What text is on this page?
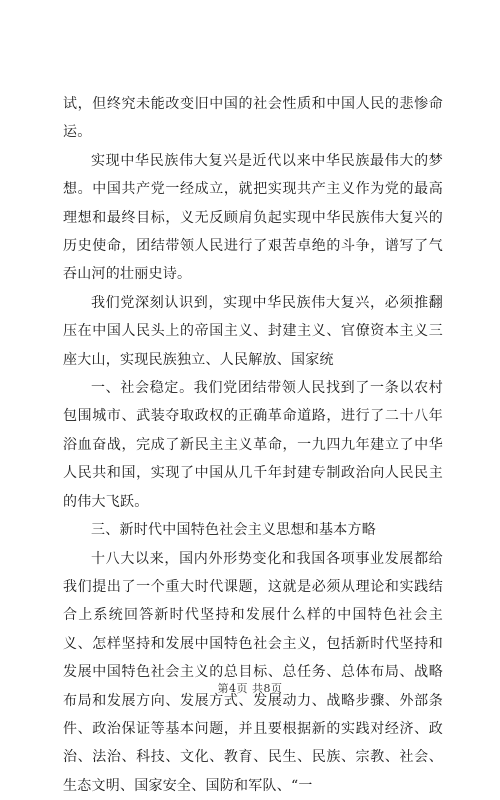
试，但终究未能改变旧中国的社会性质和中国人民的悲惨命运。

实现中华民族伟大复兴是近代以来中华民族最伟大的梦想。中国共产党一经成立，就把实现共产主义作为党的最高理想和最终目标，义无反顾肩负起实现中华民族伟大复兴的历史使命，团结带领人民进行了艰苦卓绝的斗争，谱写了气吞山河的壮丽史诗。

我们党深刻认识到，实现中华民族伟大复兴，必须推翻压在中国人民头上的帝国主义、封建主义、官僚资本主义三座大山，实现民族独立、人民解放、国家统

一、社会稳定。我们党团结带领人民找到了一条以农村包围城市、武装夺取政权的正确革命道路，进行了二十八年浴血奋战，完成了新民主主义革命，一九四九年建立了中华人民共和国，实现了中国从几千年封建专制政治向人民民主的伟大飞跃。

三、新时代中国特色社会主义思想和基本方略

十八大以来，国内外形势变化和我国各项事业发展都给我们提出了一个重大时代课题，这就是必须从理论和实践结合上系统回答新时代坚持和发展什么样的中国特色社会主义、怎样坚持和发展中国特色社会主义，包括新时代坚持和发展中国特色社会主义的总目标、总任务、总体布局、战略布局和发展方向、发展方式、发展动力、战略步骤、外部条件、政治保证等基本问题，并且要根据新的实践对经济、政治、法治、科技、文化、教育、民生、民族、宗教、社会、生态文明、国家安全、国防和军队、“一

第4页 共8页
